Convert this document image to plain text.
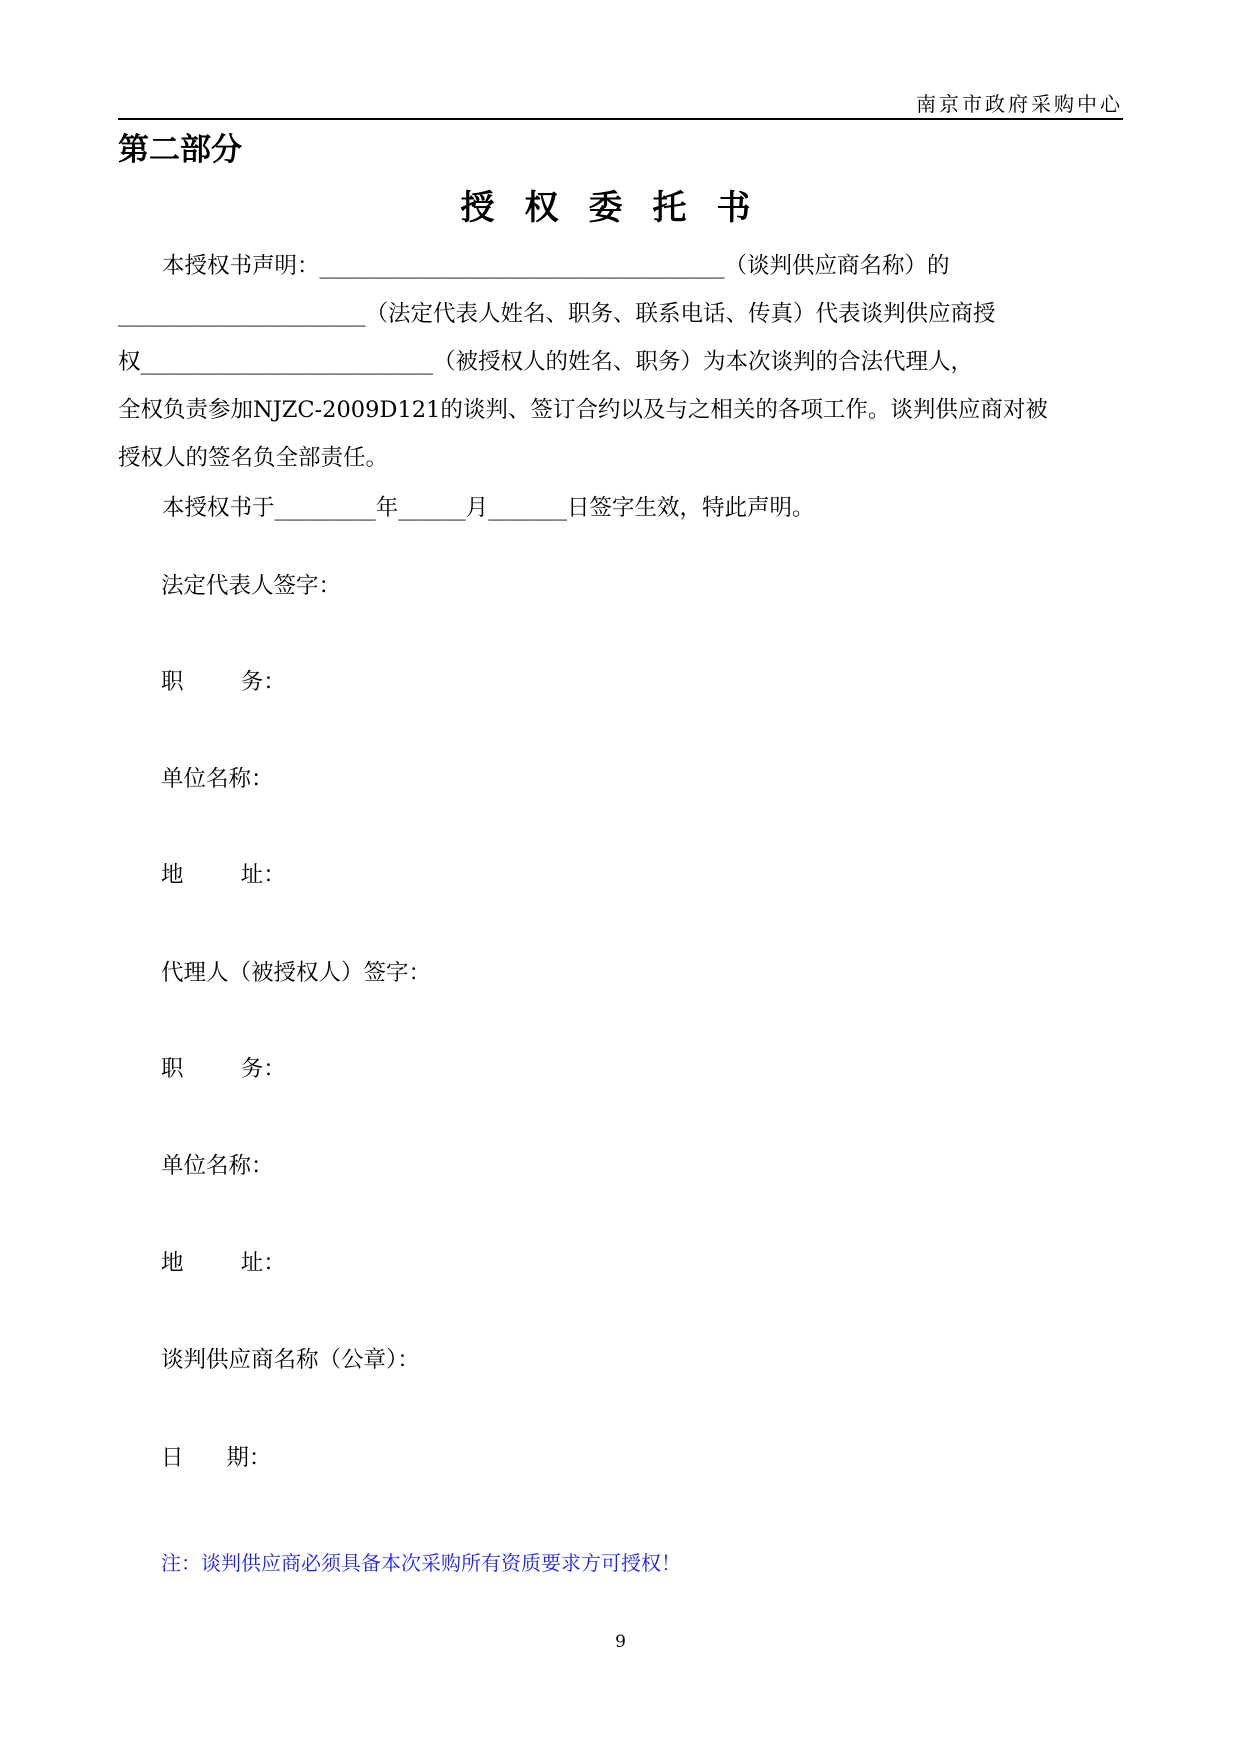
南京市政府采购中心
第二部分
授权委托书
本授权书声明：____________________________________（谈判供应商名称）的
______________________（法定代表人姓名、职务、联系电话、传真）代表谈判供应商授
权__________________________（被授权人的姓名、职务）为本次谈判的合法代理人，
全权负责参加NJZC-2009D121的谈判、签订合约以及与之相关的各项工作。谈判供应商对被
授权人的签名负全部责任。
本授权书于_________年______月_______日签字生效，特此声明。
法定代表人签字：
职        务：
单位名称：
地        址：
代理人（被授权人）签字：
职        务：
单位名称：
地        址：
谈判供应商名称（公章）：
日      期：
注：谈判供应商必须具备本次采购所有资质要求方可授权！
9
